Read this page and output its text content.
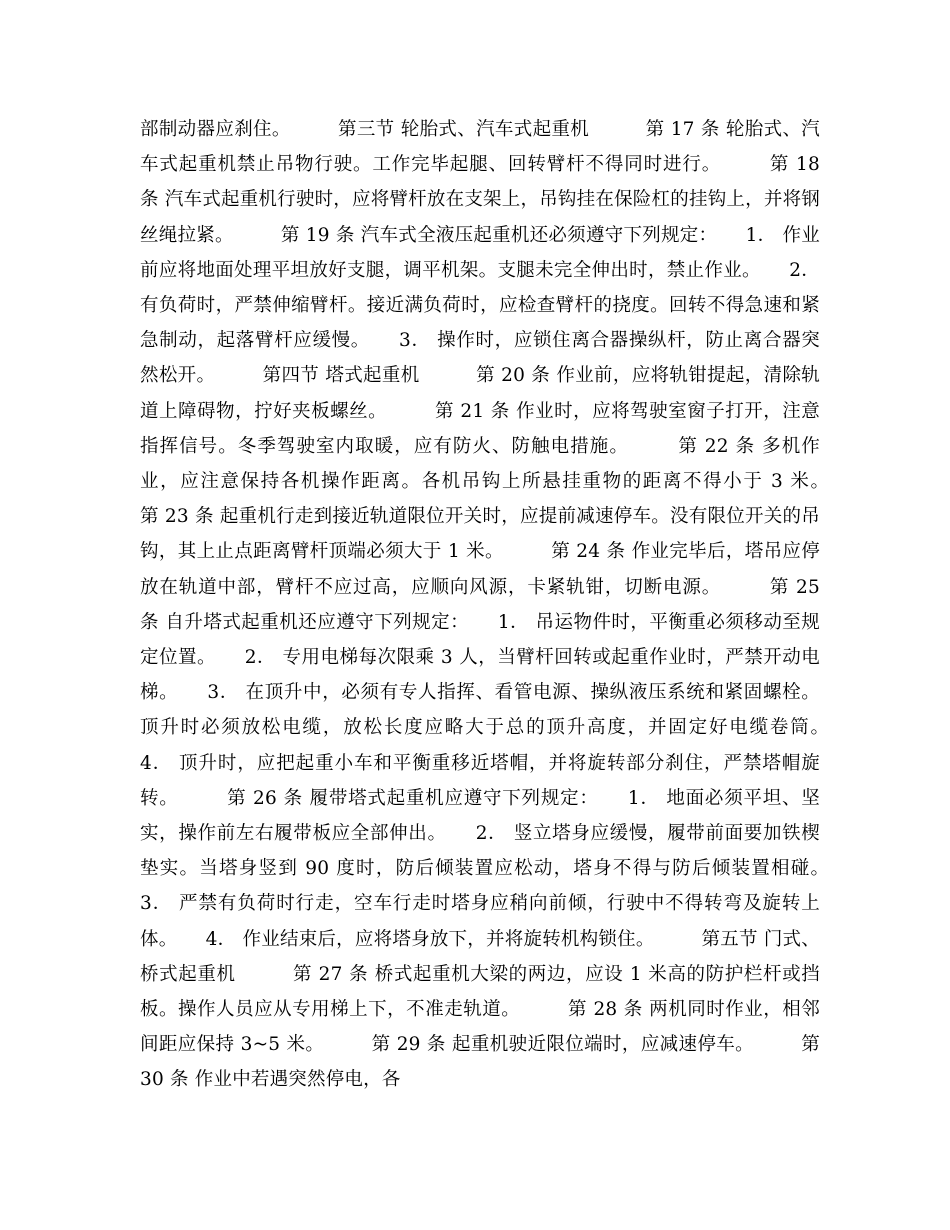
部制动器应刹住。　　　第三节 轮胎式、汽车式起重机　　　第 17 条 轮胎式、汽车式起重机禁止吊物行驶。工作完毕起腿、回转臂杆不得同时进行。　　　第 18 条 汽车式起重机行驶时，应将臂杆放在支架上，吊钩挂在保险杠的挂钩上，并将钢丝绳拉紧。　　　第 19 条 汽车式全液压起重机还必须遵守下列规定：　　1． 作业前应将地面处理平坦放好支腿，调平机架。支腿未完全伸出时，禁止作业。　　2． 有负荷时，严禁伸缩臂杆。接近满负荷时，应检查臂杆的挠度。回转不得急速和紧急制动，起落臂杆应缓慢。　　3． 操作时，应锁住离合器操纵杆，防止离合器突然松开。　　　第四节 塔式起重机　　　第 20 条 作业前，应将轨钳提起，清除轨道上障碍物，拧好夹板螺丝。　　　第 21 条 作业时，应将驾驶室窗子打开，注意指挥信号。冬季驾驶室内取暖，应有防火、防触电措施。　　　第 22 条 多机作业，应注意保持各机操作距离。各机吊钩上所悬挂重物的距离不得小于 3 米。　　　第 23 条 起重机行走到接近轨道限位开关时，应提前减速停车。没有限位开关的吊钩，其上止点距离臂杆顶端必须大于 1 米。　　　第 24 条 作业完毕后，塔吊应停放在轨道中部，臂杆不应过高，应顺向风源，卡紧轨钳，切断电源。　　　第 25 条 自升塔式起重机还应遵守下列规定：　　1． 吊运物件时，平衡重必须移动至规定位置。　　2． 专用电梯每次限乘 3 人，当臂杆回转或起重作业时，严禁开动电梯。　　3． 在顶升中，必须有专人指挥、看管电源、操纵液压系统和紧固螺栓。顶升时必须放松电缆，放松长度应略大于总的顶升高度，并固定好电缆卷筒。　　4． 顶升时，应把起重小车和平衡重移近塔帽，并将旋转部分刹住，严禁塔帽旋转。　　　第 26 条 履带塔式起重机应遵守下列规定：　　1． 地面必须平坦、坚实，操作前左右履带板应全部伸出。　　2． 竖立塔身应缓慢，履带前面要加铁楔垫实。当塔身竖到 90 度时，防后倾装置应松动，塔身不得与防后倾装置相碰。　　3． 严禁有负荷时行走，空车行走时塔身应稍向前倾，行驶中不得转弯及旋转上体。　　4． 作业结束后，应将塔身放下，并将旋转机构锁住。　　　第五节 门式、桥式起重机　　　第 27 条 桥式起重机大梁的两边，应设 1 米高的防护栏杆或挡板。操作人员应从专用梯上下，不准走轨道。　　　第 28 条 两机同时作业，相邻间距应保持 3~5 米。　　　第 29 条 起重机驶近限位端时，应减速停车。　　　第 30 条 作业中若遇突然停电，各
